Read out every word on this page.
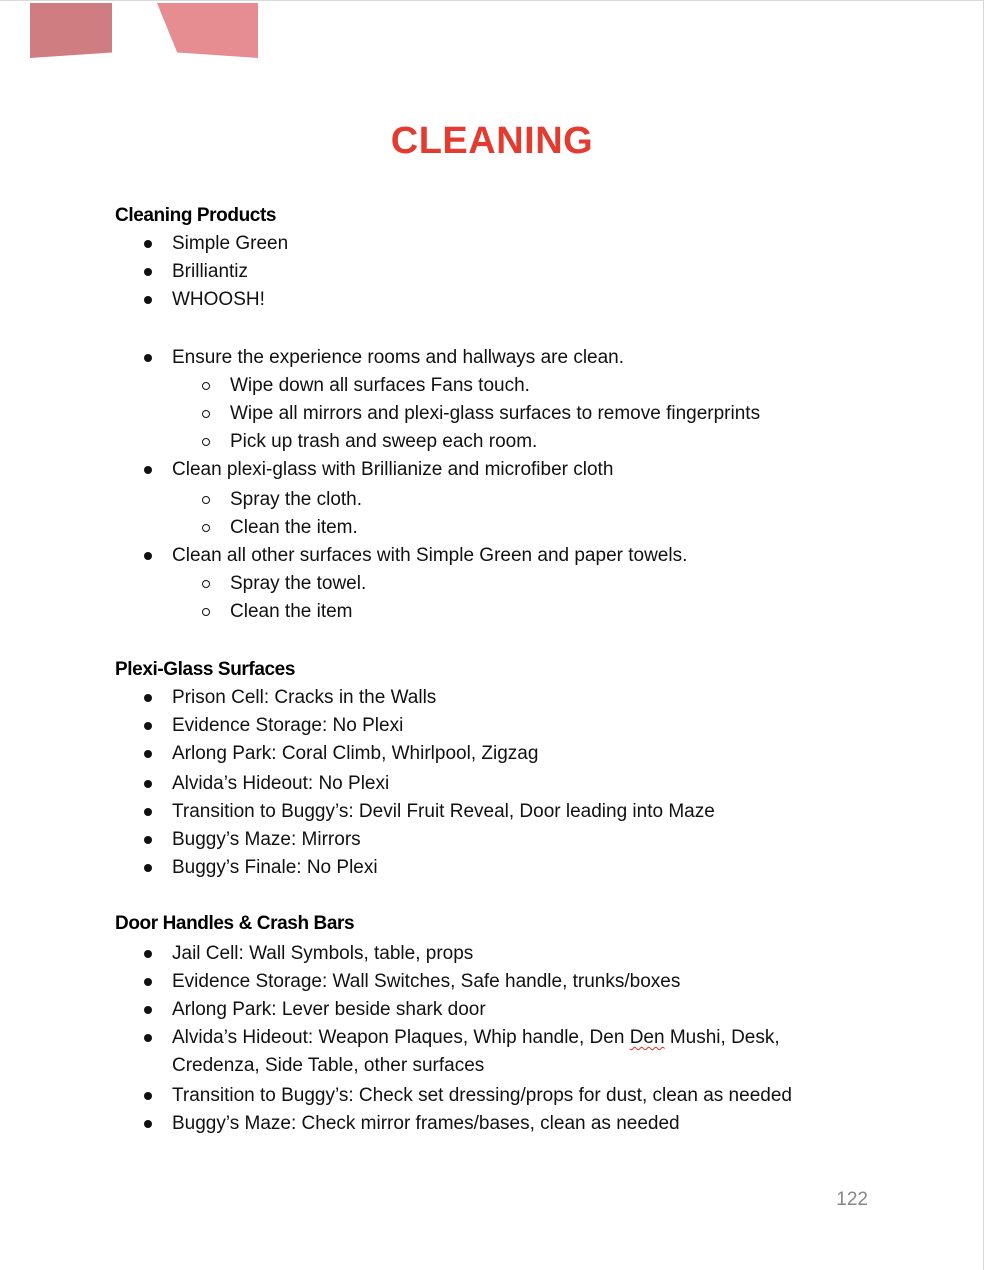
CLEANING
Cleaning Products
Simple Green
Brilliantiz
WHOOSH!
Ensure the experience rooms and hallways are clean.
Wipe down all surfaces Fans touch.
Wipe all mirrors and plexi-glass surfaces to remove fingerprints
Pick up trash and sweep each room.
Clean plexi-glass with Brillianize and microfiber cloth
Spray the cloth.
Clean the item.
Clean all other surfaces with Simple Green and paper towels.
Spray the towel.
Clean the item
Plexi-Glass Surfaces
Prison Cell: Cracks in the Walls
Evidence Storage: No Plexi
Arlong Park: Coral Climb, Whirlpool, Zigzag
Alvida’s Hideout: No Plexi
Transition to Buggy’s: Devil Fruit Reveal, Door leading into Maze
Buggy’s Maze: Mirrors
Buggy’s Finale: No Plexi
Door Handles & Crash Bars
Jail Cell: Wall Symbols, table, props
Evidence Storage: Wall Switches, Safe handle, trunks/boxes
Arlong Park: Lever beside shark door
Alvida’s Hideout: Weapon Plaques, Whip handle, Den Den Mushi, Desk,
Credenza, Side Table, other surfaces
Transition to Buggy’s: Check set dressing/props for dust, clean as needed
Buggy’s Maze: Check mirror frames/bases, clean as needed
122
